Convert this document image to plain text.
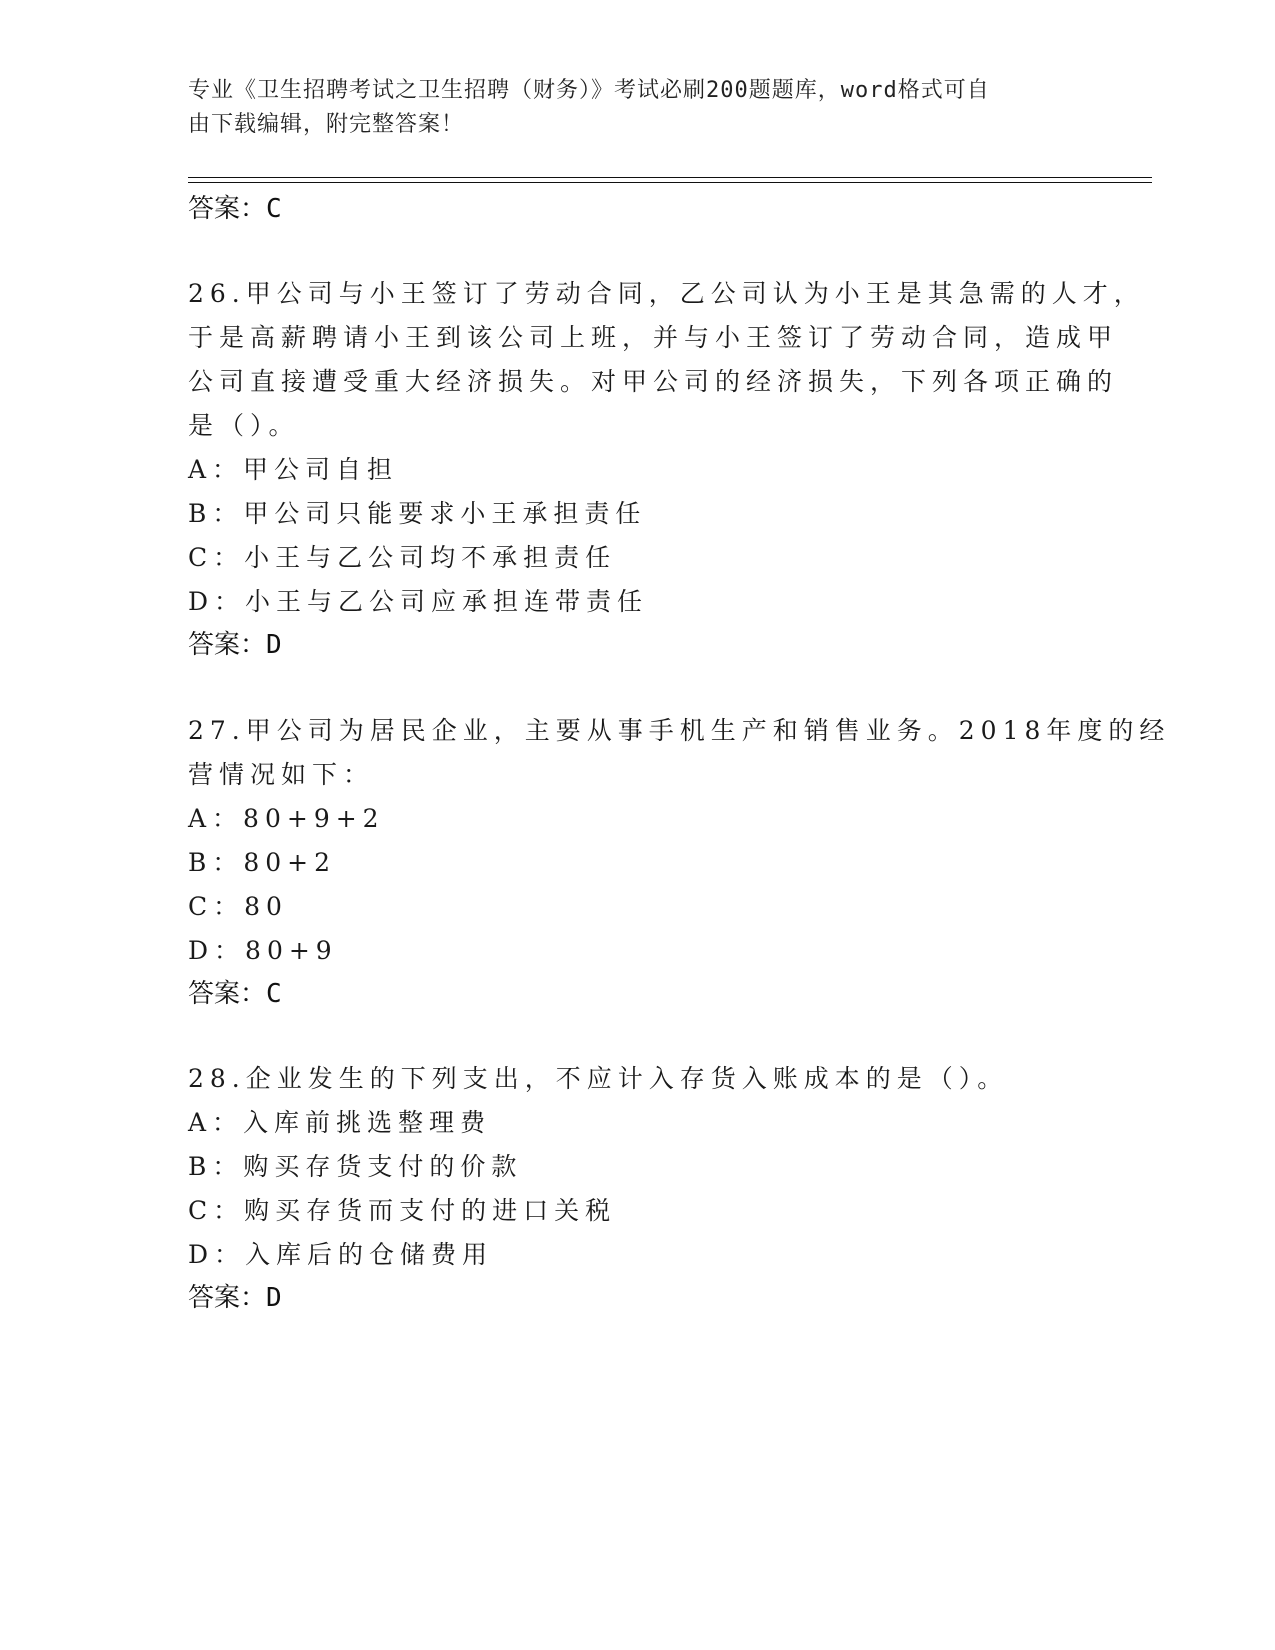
专业《卫生招聘考试之卫生招聘（财务）》考试必刷200题题库，word格式可自
由下载编辑，附完整答案！
答案：C
26.甲公司与小王签订了劳动合同，乙公司认为小王是其急需的人才，
于是高薪聘请小王到该公司上班，并与小王签订了劳动合同，造成甲
公司直接遭受重大经济损失。对甲公司的经济损失，下列各项正确的
是（）。
A：甲公司自担
B：甲公司只能要求小王承担责任
C：小王与乙公司均不承担责任
D：小王与乙公司应承担连带责任
答案：D
27.甲公司为居民企业，主要从事手机生产和销售业务。2018年度的经
营情况如下：
A：80+9+2
B：80+2
C：80
D：80+9
答案：C
28.企业发生的下列支出，不应计入存货入账成本的是（）。
A：入库前挑选整理费
B：购买存货支付的价款
C：购买存货而支付的进口关税
D：入库后的仓储费用
答案：D
